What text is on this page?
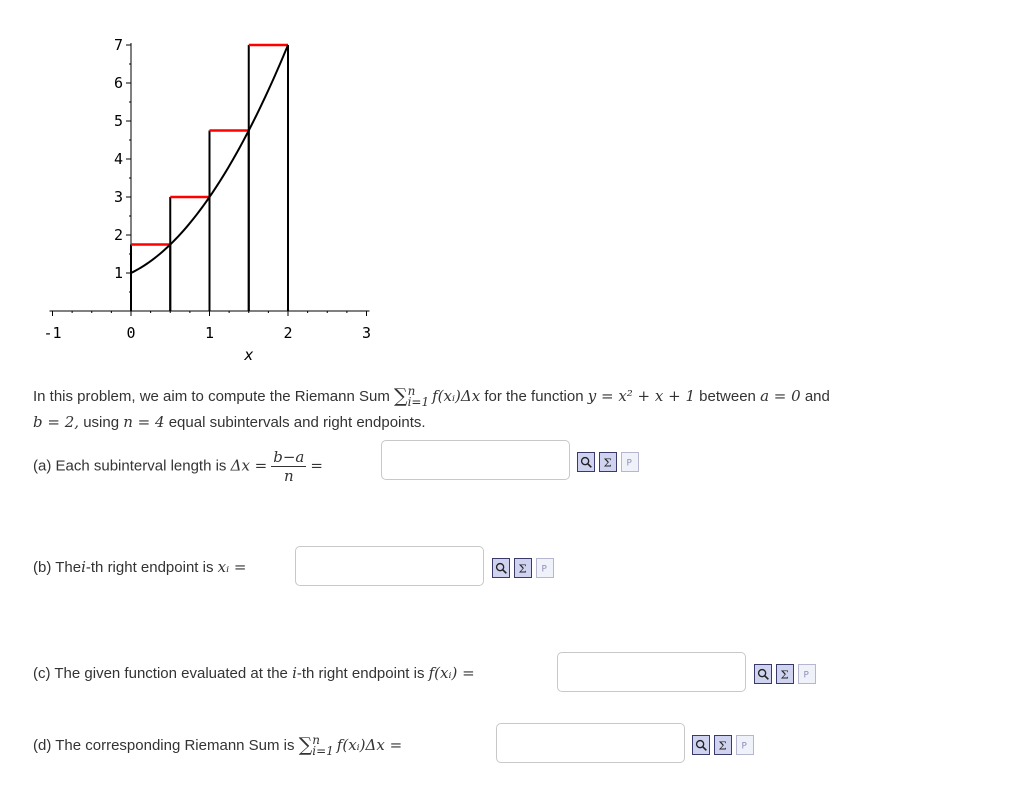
-1	0	1	2	3
1
2
3
4
5
6
7
x
In this problem, we aim to compute the Riemann Sum ∑ n
i=1 f(xᵢ)Δx for the function y = x² + x + 1 between a = 0 and
b = 2, using n = 4 equal subintervals and right endpoints.
(a) Each subinterval length is $\Delta x = \frac{b-a}{n}$ =	Σ P
(b) Thei-th right endpoint is xᵢ =	Σ P
(c) The given function evaluated at the i-th right endpoint is f(xᵢ) =	Σ P
(d) The corresponding Riemann Sum is ∑ n
i=1 f(xᵢ)Δx =	Σ P
